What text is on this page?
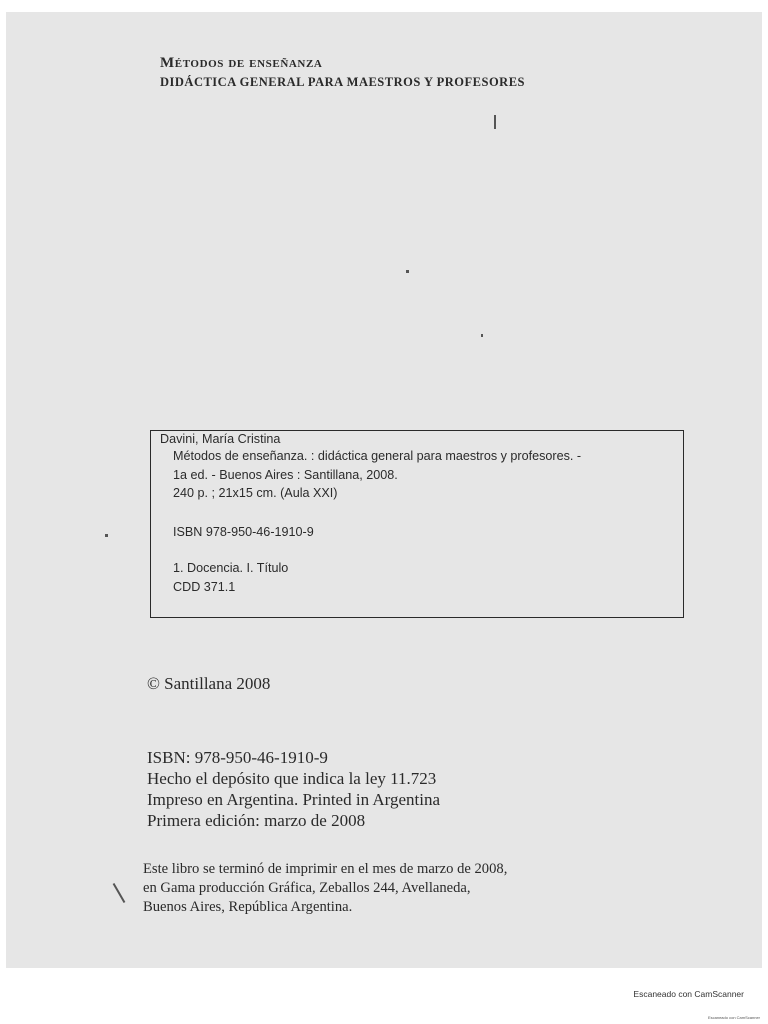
Métodos de enseñanza
DIDÁCTICA GENERAL PARA MAESTROS Y PROFESORES
Davini, María Cristina
Métodos de enseñanza. : didáctica general para maestros y profesores. -
1a ed. - Buenos Aires : Santillana, 2008.
240 p. ; 21x15 cm. (Aula XXI)
ISBN 978-950-46-1910-9
1. Docencia. I. Título
CDD 371.1
© Santillana 2008
ISBN: 978-950-46-1910-9
Hecho el depósito que indica la ley 11.723
Impreso en Argentina. Printed in Argentina
Primera edición: marzo de 2008
Este libro se terminó de imprimir en el mes de marzo de 2008,
en Gama producción Gráfica, Zeballos 244, Avellaneda,
Buenos Aires, República Argentina.
Escaneado con CamScanner
Escaneado con CamScanner
